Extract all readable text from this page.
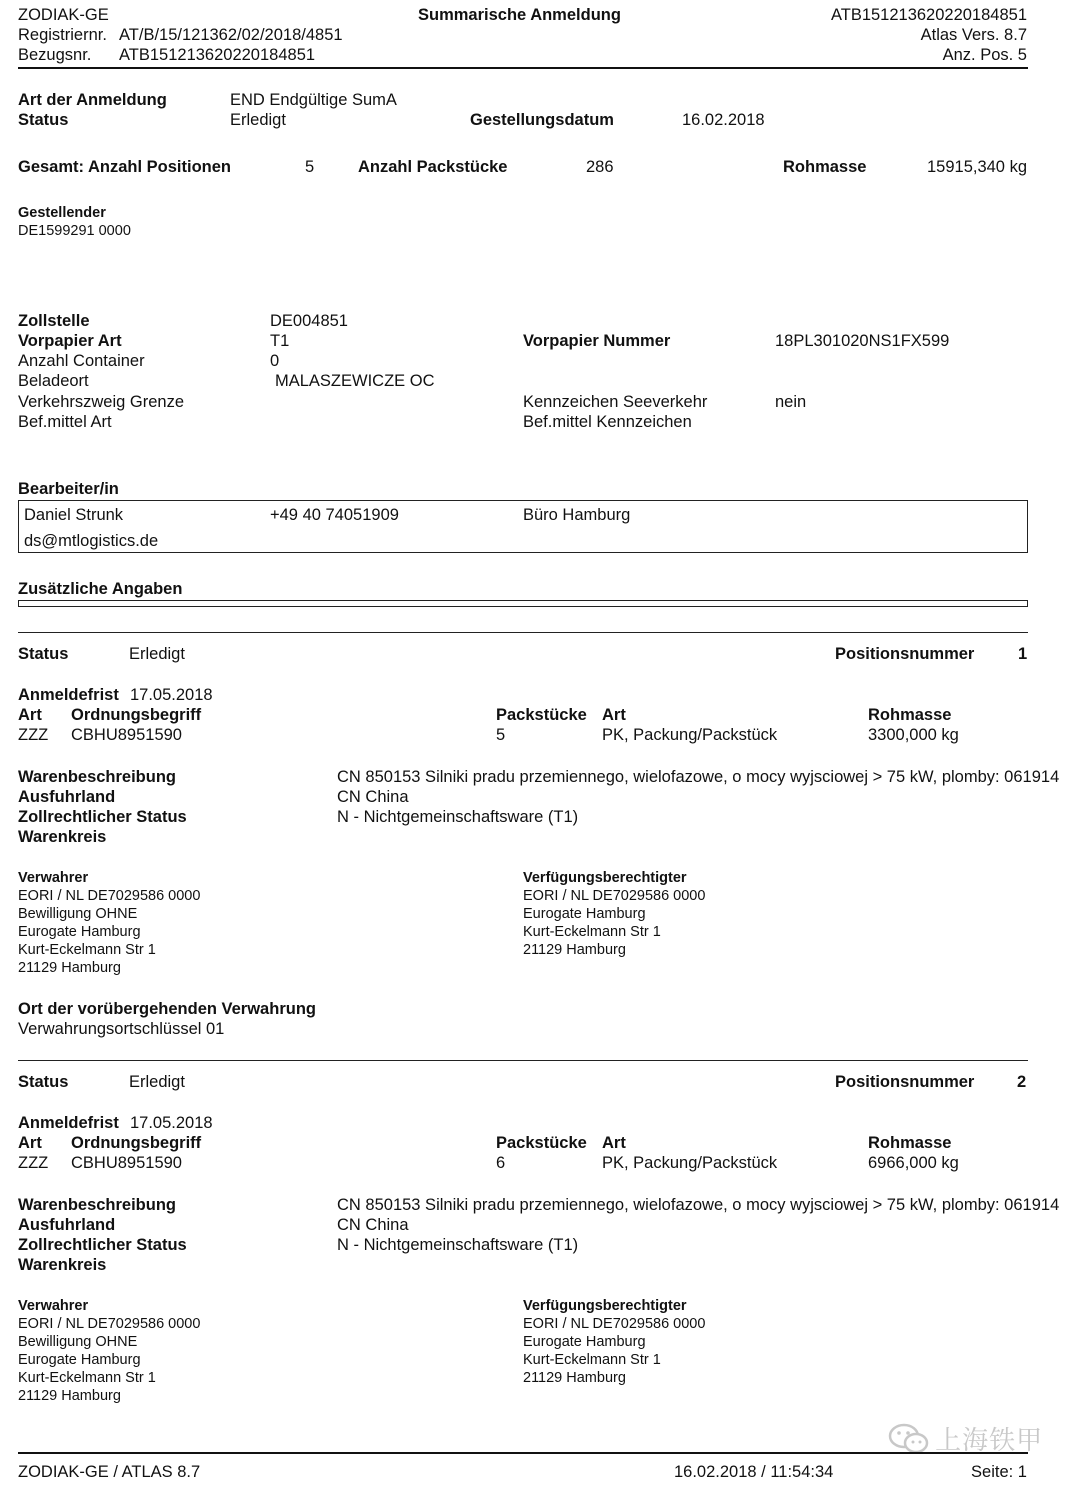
ZODIAK-GE	Summarische Anmeldung	ATB151213620220184851
Registriernr. AT/B/15/121362/02/2018/4851	Atlas Vers. 8.7
Bezugsnr. ATB151213620220184851	Anz. Pos. 5
Art der Anmeldung	END Endgültige SumA
Status	Erledigt	Gestellungsdatum	16.02.2018
Gesamt: Anzahl Positionen	5	Anzahl Packstücke	286	Rohmasse	15915,340 kg
Gestellender
DE1599291 0000
Zollstelle	DE004851
Vorpapier Art	T1	Vorpapier Nummer	18PL301020NS1FX599
Anzahl Container	0
Beladeort	MALASZEWICZE OC
Verkehrszweig Grenze	Kennzeichen Seeverkehr	nein
Bef.mittel Art	Bef.mittel Kennzeichen
Bearbeiter/in
Daniel Strunk	+49 40 74051909	Büro Hamburg
ds@mtlogistics.de
Zusätzliche Angaben
Status	Erledigt	Positionsnummer	1
Anmeldefrist 17.05.2018
Art Ordnungsbegriff	Packstücke Art	Rohmasse
ZZZ CBHU8951590	5	PK, Packung/Packstück	3300,000 kg
Warenbeschreibung	CN 850153 Silniki pradu przemiennego, wielofazowe, o mocy wyjsciowej > 75 kW, plomby: 061914
Ausfuhrland	CN China
Zollrechtlicher Status	N - Nichtgemeinschaftsware (T1)
Warenkreis
Verwahrer
EORI / NL DE7029586 0000
Bewilligung OHNE
Eurogate Hamburg
Kurt-Eckelmann Str 1
21129 Hamburg
Verfügungsberechtigter
EORI / NL DE7029586 0000
Eurogate Hamburg
Kurt-Eckelmann Str 1
21129 Hamburg
Ort der vorübergehenden Verwahrung
Verwahrungsortschlüssel 01
Status	Erledigt	Positionsnummer	2
Anmeldefrist 17.05.2018
Art Ordnungsbegriff	Packstücke Art	Rohmasse
ZZZ CBHU8951590	6	PK, Packung/Packstück	6966,000 kg
Warenbeschreibung	CN 850153 Silniki pradu przemiennego, wielofazowe, o mocy wyjsciowej > 75 kW, plomby: 061914
Ausfuhrland	CN China
Zollrechtlicher Status	N - Nichtgemeinschaftsware (T1)
Warenkreis
Verwahrer
EORI / NL DE7029586 0000
Bewilligung OHNE
Eurogate Hamburg
Kurt-Eckelmann Str 1
21129 Hamburg
Verfügungsberechtigter
EORI / NL DE7029586 0000
Eurogate Hamburg
Kurt-Eckelmann Str 1
21129 Hamburg
上海铁甲
ZODIAK-GE / ATLAS 8.7	16.02.2018 / 11:54:34	Seite: 1
